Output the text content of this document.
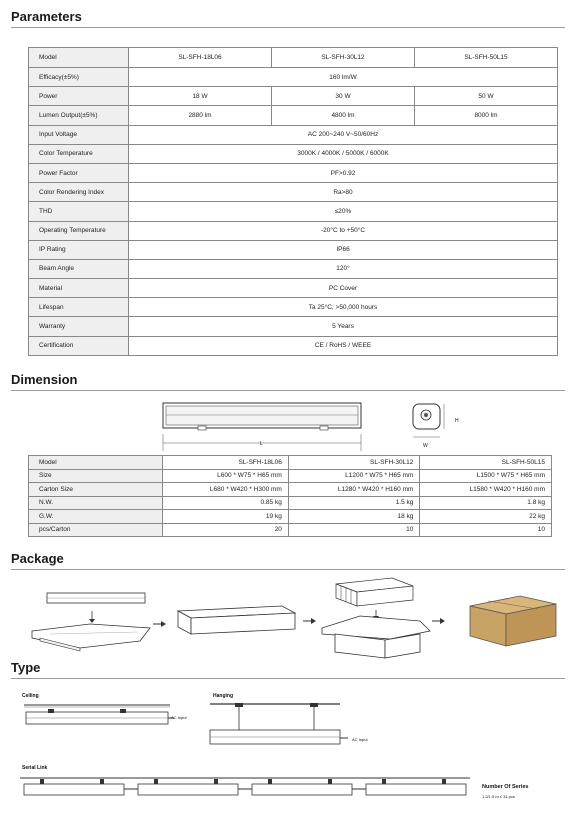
Parameters
Model	SL-SFH-18L06	SL-SFH-30L12	SL-SFH-50L15
Efficacy(±5%)	160 lm/W		
Power	18 W	30 W	50 W
Lumen Output(±5%)	2880 lm	4800 lm	8000 lm
Input Voltage	AC 200~240 V~50/60Hz		
Color Temperature	3000K / 4000K / 5000K / 6000K		
Power Factor	PF>0.92		
Color Rendering Index	Ra>80		
THD	≤20%		
Operating Temperature	-20°C to +50°C		
IP Rating	IP66		
Beam Angle	120°		
Material	PC Cover		
Lifespan	Ta 25°C, >50,000 hours		
Warranty	5 Years		
Certification	CE / RoHS / WEEE		
Dimension
L
H
W
Model	SL-SFH-18L06	SL-SFH-30L12	SL-SFH-50L15
Size	L600 * W75 * H65 mm	L1200 * W75 * H65 mm	L1500 * W75 * H65 mm
Carton Size	L680 * W420 * H300 mm	L1280 * W420 * H160 mm	L1580 * W420 * H160 mm
N.W.	0.85 kg	1.5 kg	1.8 kg
G.W.	19 kg	18 kg	22 kg
pcs/Carton	20	10	10
Package
Type
Ceiling
AC Input
Hanging
AC Input
Serial Link
Number Of Series
1.2/1.5 m ≤ 31 pcs
